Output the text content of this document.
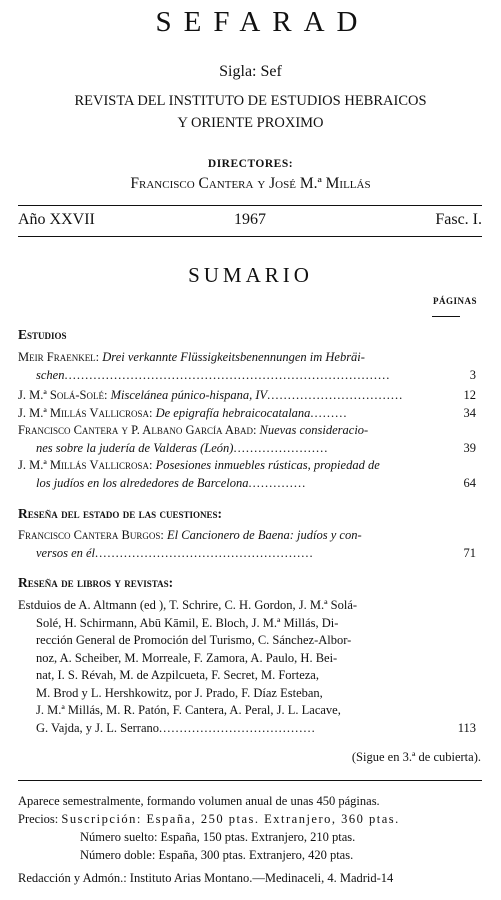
SEFARAD
Sigla: Sef
REVISTA DEL INSTITUTO DE ESTUDIOS HEBRAICOS
Y ORIENTE PROXIMO
DIRECTORES:
Francisco Cantera y José M.ª Millás
Año XXVII	1967	Fasc. I.
SUMARIO
PÁGINAS
Estudios
Meir Fraenkel: Drei verkannte Flüssigkeitsbenennungen im Hebräi-
schen...............................................................................	3
J. M.ª Solá-Solé: Miscelánea púnico-hispana, IV.................................	12
J. M.ª Millás Vallicrosa: De epigrafía hebraicocatalana.........	34
Francisco Cantera y P. Albano García Abad: Nuevas consideracio-
nes sobre la judería de Valderas (León).......................	39
J. M.ª Millás Vallicrosa: Posesiones inmuebles rústicas, propiedad de
los judíos en los alrededores de Barcelona..............	64
Reseña del estado de las cuestiones:
Francisco Cantera Burgos: El Cancionero de Baena: judíos y con-
versos en él.....................................................	71
Reseña de libros y revistas:
Estduios de A. Altmann (ed ), T. Schrire, C. H. Gordon, J. M.ª Solá-
Solé, H. Schirmann, Abū Kāmil, E. Bloch, J. M.ª Millás, Di-
rección General de Promoción del Turismo, C. Sánchez-Albor-
noz, A. Scheiber, M. Morreale, F. Zamora, A. Paulo, H. Bei-
nat, I. S. Révah, M. de Azpilcueta, F. Secret, M. Forteza,
M. Brod y L. Hershkowitz, por J. Prado, F. Díaz Esteban,
J. M.ª Millás, M. R. Patón, F. Cantera, A. Peral, J. L. Lacave,
G. Vajda, y J. L. Serrano......................................	113
(Sigue en 3.ª de cubierta).
Aparece semestralmente, formando volumen anual de unas 450 páginas.
Precios: Suscripción: España, 250 ptas. Extranjero, 360 ptas.
Número suelto: España, 150 ptas. Extranjero, 210 ptas.
Número doble: España, 300 ptas. Extranjero, 420 ptas.
Redacción y Admón.: Instituto Arias Montano.—Medinaceli, 4. Madrid-14
